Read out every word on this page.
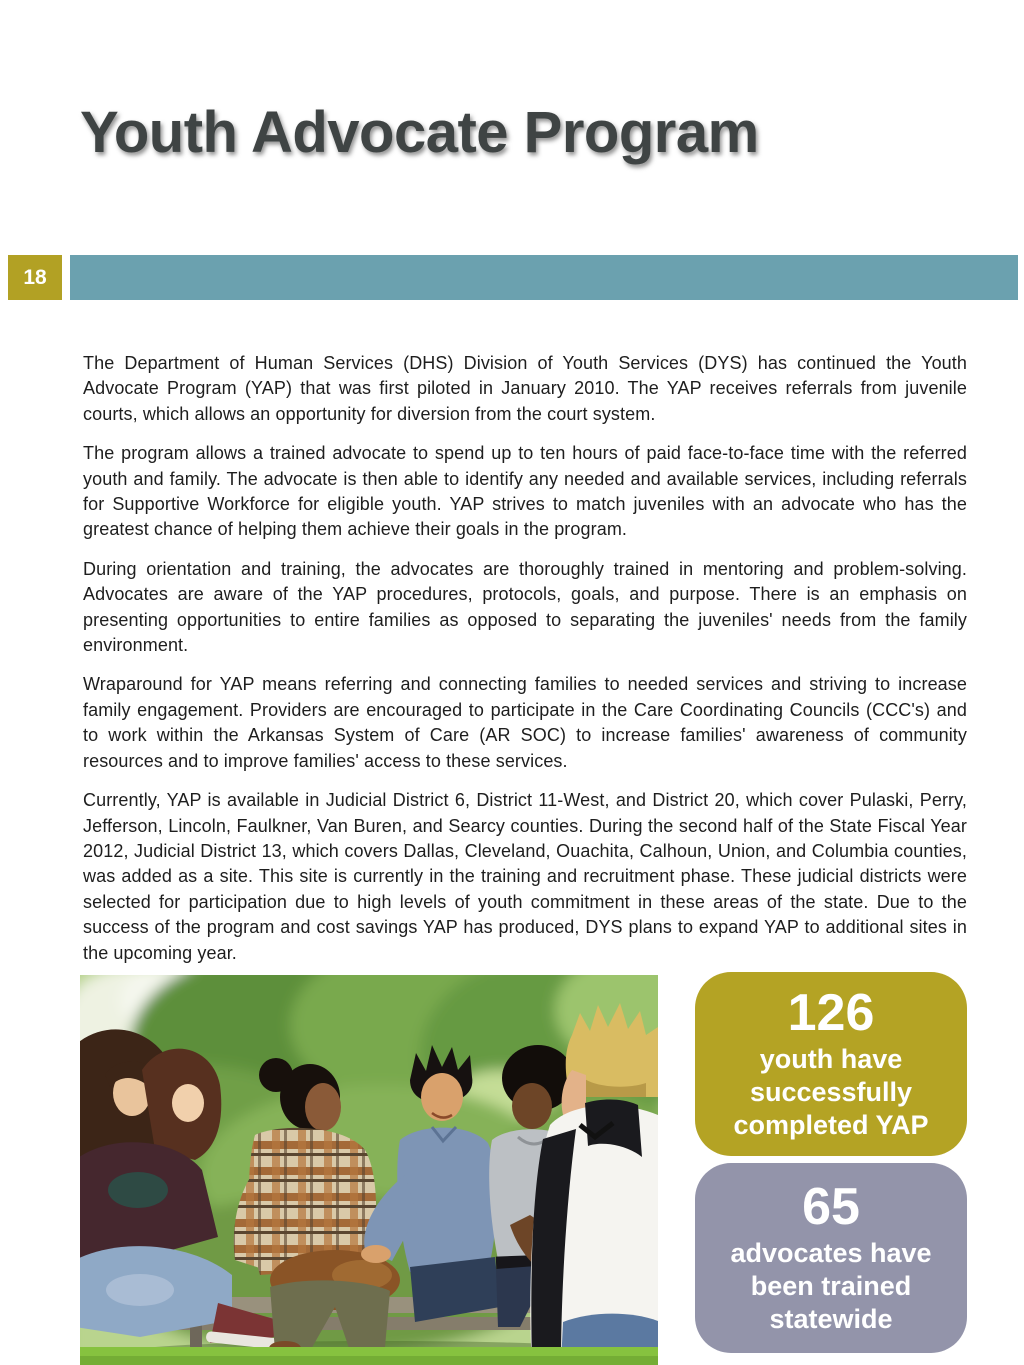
Youth Advocate Program
18

The Department of Human Services (DHS) Division of Youth Services (DYS) has continued the Youth Advocate Program (YAP) that was first piloted in January 2010. The YAP receives referrals from juvenile courts, which allows an opportunity for diversion from the court system.

The program allows a trained advocate to spend up to ten hours of paid face-to-face time with the referred youth and family. The advocate is then able to identify any needed and available services, including referrals for Supportive Workforce for eligible youth. YAP strives to match juveniles with an advocate who has the greatest chance of helping them achieve their goals in the program.

During orientation and training, the advocates are thoroughly trained in mentoring and problem-solving. Advocates are aware of the YAP procedures, protocols, goals, and purpose. There is an emphasis on presenting opportunities to entire families as opposed to separating the juveniles' needs from the family environment.

Wraparound for YAP means referring and connecting families to needed services and striving to increase family engagement. Providers are encouraged to participate in the Care Coordinating Councils (CCC's) and to work within the Arkansas System of Care (AR SOC) to increase families' awareness of community resources and to improve families' access to these services.

Currently, YAP is available in Judicial District 6, District 11-West, and District 20, which cover Pulaski, Perry, Jefferson, Lincoln, Faulkner, Van Buren, and Searcy counties. During the second half of the State Fiscal Year 2012, Judicial District 13, which covers Dallas, Cleveland, Ouachita, Calhoun, Union, and Columbia counties, was added as a site. This site is currently in the training and recruitment phase. These judicial districts were selected for participation due to high levels of youth commitment in these areas of the state. Due to the success of the program and cost savings YAP has produced, DYS plans to expand YAP to additional sites in the upcoming year.

126
youth have successfully completed YAP
65
advocates have been trained statewide
